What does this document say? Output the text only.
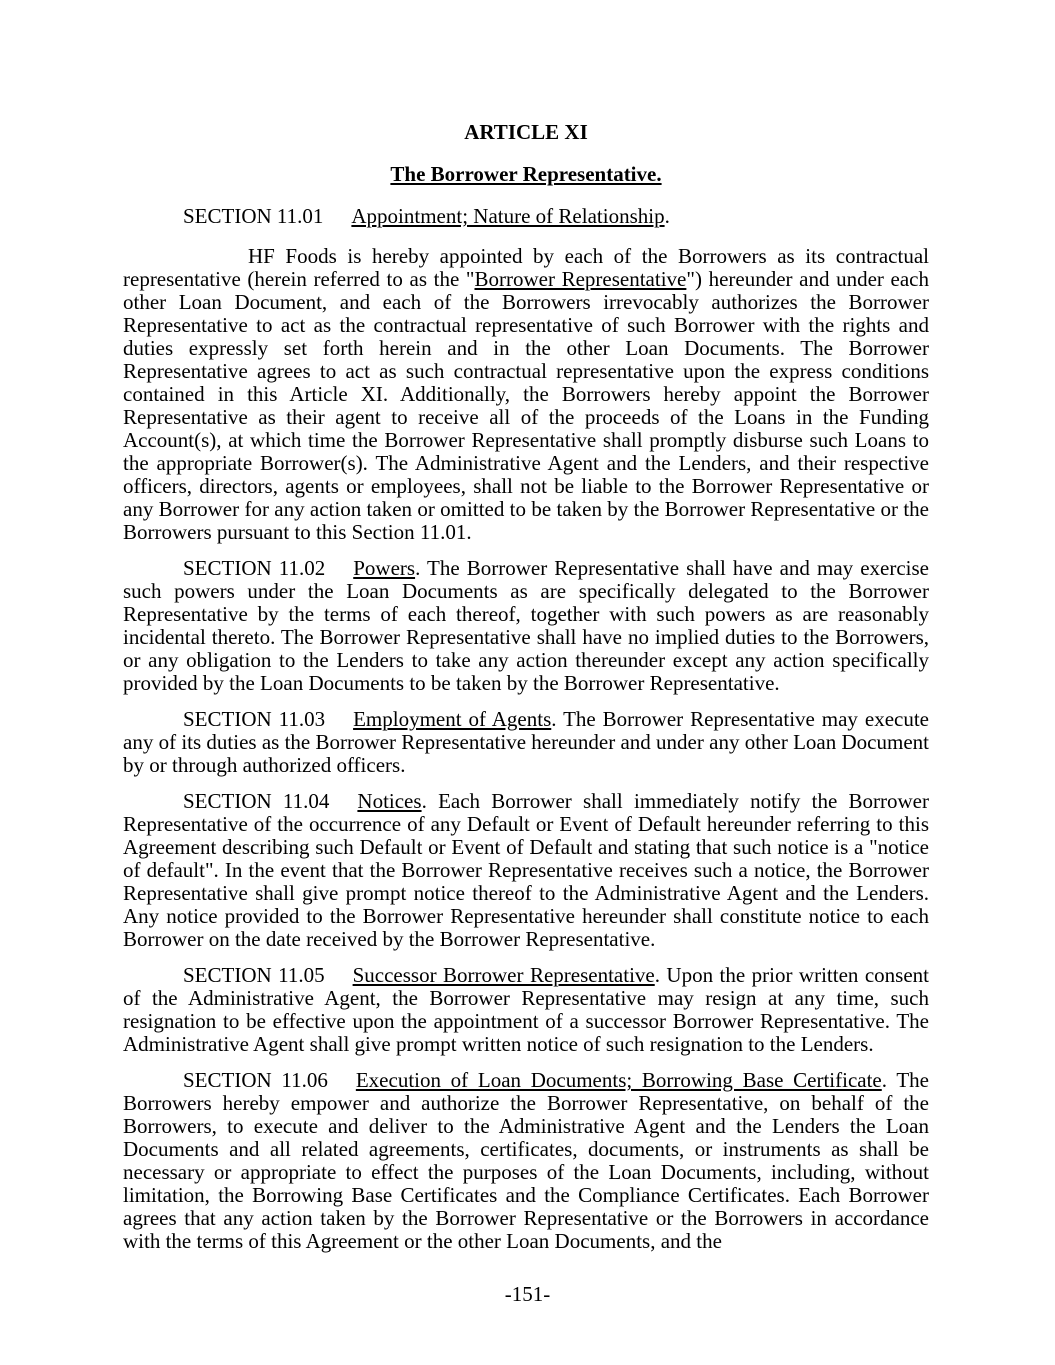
ARTICLE XI

The Borrower Representative.

SECTION 11.01 Appointment; Nature of Relationship.

HF Foods is hereby appointed by each of the Borrowers as its contractual representative (herein referred to as the "Borrower Representative") hereunder and under each other Loan Document, and each of the Borrowers irrevocably authorizes the Borrower Representative to act as the contractual representative of such Borrower with the rights and duties expressly set forth herein and in the other Loan Documents. The Borrower Representative agrees to act as such contractual representative upon the express conditions contained in this Article XI. Additionally, the Borrowers hereby appoint the Borrower Representative as their agent to receive all of the proceeds of the Loans in the Funding Account(s), at which time the Borrower Representative shall promptly disburse such Loans to the appropriate Borrower(s). The Administrative Agent and the Lenders, and their respective officers, directors, agents or employees, shall not be liable to the Borrower Representative or any Borrower for any action taken or omitted to be taken by the Borrower Representative or the Borrowers pursuant to this Section 11.01.

SECTION 11.02 Powers. The Borrower Representative shall have and may exercise such powers under the Loan Documents as are specifically delegated to the Borrower Representative by the terms of each thereof, together with such powers as are reasonably incidental thereto. The Borrower Representative shall have no implied duties to the Borrowers, or any obligation to the Lenders to take any action thereunder except any action specifically provided by the Loan Documents to be taken by the Borrower Representative.

SECTION 11.03 Employment of Agents. The Borrower Representative may execute any of its duties as the Borrower Representative hereunder and under any other Loan Document by or through authorized officers.

SECTION 11.04 Notices. Each Borrower shall immediately notify the Borrower Representative of the occurrence of any Default or Event of Default hereunder referring to this Agreement describing such Default or Event of Default and stating that such notice is a "notice of default". In the event that the Borrower Representative receives such a notice, the Borrower Representative shall give prompt notice thereof to the Administrative Agent and the Lenders. Any notice provided to the Borrower Representative hereunder shall constitute notice to each Borrower on the date received by the Borrower Representative.

SECTION 11.05 Successor Borrower Representative. Upon the prior written consent of the Administrative Agent, the Borrower Representative may resign at any time, such resignation to be effective upon the appointment of a successor Borrower Representative. The Administrative Agent shall give prompt written notice of such resignation to the Lenders.

SECTION 11.06 Execution of Loan Documents; Borrowing Base Certificate. The Borrowers hereby empower and authorize the Borrower Representative, on behalf of the Borrowers, to execute and deliver to the Administrative Agent and the Lenders the Loan Documents and all related agreements, certificates, documents, or instruments as shall be necessary or appropriate to effect the purposes of the Loan Documents, including, without limitation, the Borrowing Base Certificates and the Compliance Certificates. Each Borrower agrees that any action taken by the Borrower Representative or the Borrowers in accordance with the terms of this Agreement or the other Loan Documents, and the

-151-
